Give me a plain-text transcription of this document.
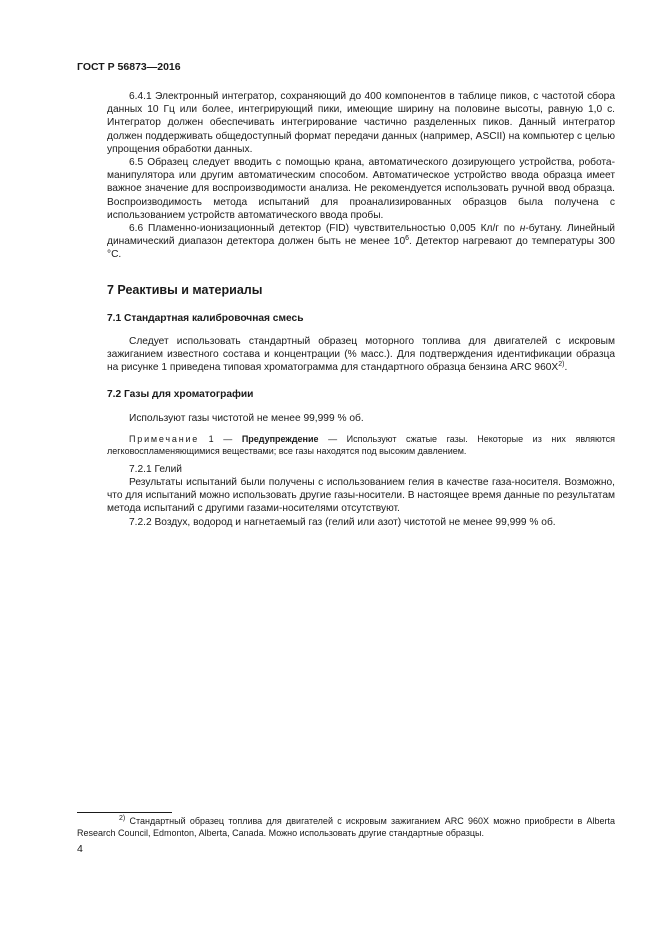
ГОСТ Р 56873—2016

6.4.1 Электронный интегратор, сохраняющий до 400 компонентов в таблице пиков, с частотой сбора данных 10 Гц или более, интегрирующий пики, имеющие ширину на половине высоты, равную 1,0 с. Интегратор должен обеспечивать интегрирование частично разделенных пиков. Данный интегратор должен поддерживать общедоступный формат передачи данных (например, ASCII) на компьютер с целью упрощения обработки данных.

6.5 Образец следует вводить с помощью крана, автоматического дозирующего устройства, робота-манипулятора или другим автоматическим способом. Автоматическое устройство ввода образца имеет важное значение для воспроизводимости анализа. Не рекомендуется использовать ручной ввод образца. Воспроизводимость метода испытаний для проанализированных образцов была получена с использованием устройств автоматического ввода пробы.

6.6 Пламенно-ионизационный детектор (FID) чувствительностью 0,005 Кл/г по н-бутану. Линейный динамический диапазон детектора должен быть не менее $10^6$. Детектор нагревают до температуры 300 °C.

7 Реактивы и материалы
7.1 Стандартная калибровочная смесь

Следует использовать стандартный образец моторного топлива для двигателей с искровым зажиганием известного состава и концентрации (% масс.). Для подтверждения идентификации образца на рисунке 1 приведена типовая хроматограмма для стандартного образца бензина ARC $960X^{2)}$.

7.2 Газы для хроматографии

Используют газы чистотой не менее 99,999 % об.

Примечание 1 — Предупреждение — Используют сжатые газы. Некоторые из них являются легковоспламеняющимися веществами; все газы находятся под высоким давлением.

7.2.1 Гелий

Результаты испытаний были получены с использованием гелия в качестве газа-носителя. Возможно, что для испытаний можно использовать другие газы-носители. В настоящее время данные по результатам метода испытаний с другими газами-носителями отсутствуют.

7.2.2 Воздух, водород и нагнетаемый газ (гелий или азот) чистотой не менее 99,999 % об.

$^{2)}$ Стандартный образец топлива для двигателей с искровым зажиганием ARC 960X можно приобрести в Alberta Research Council, Edmonton, Alberta, Canada. Можно использовать другие стандартные образцы.
4
